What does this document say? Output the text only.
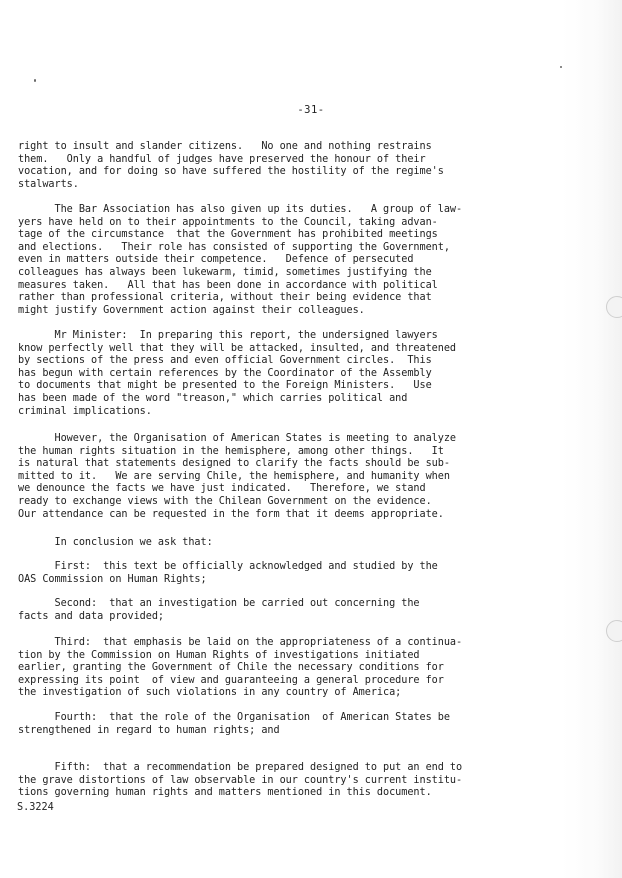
-31-
right to insult and slander citizens.   No one and nothing restrains
them.   Only a handful of judges have preserved the honour of their
vocation, and for doing so have suffered the hostility of the regime's
stalwarts.
The Bar Association has also given up its duties.   A group of law-
yers have held on to their appointments to the Council, taking advan-
tage of the circumstance  that the Government has prohibited meetings
and elections.   Their role has consisted of supporting the Government,
even in matters outside their competence.   Defence of persecuted
colleagues has always been lukewarm, timid, sometimes justifying the
measures taken.   All that has been done in accordance with political
rather than professional criteria, without their being evidence that
might justify Government action against their colleagues.
Mr Minister:  In preparing this report, the undersigned lawyers
know perfectly well that they will be attacked, insulted, and threatened
by sections of the press and even official Government circles.  This
has begun with certain references by the Coordinator of the Assembly
to documents that might be presented to the Foreign Ministers.   Use
has been made of the word "treason," which carries political and
criminal implications.
However, the Organisation of American States is meeting to analyze
the human rights situation in the hemisphere, among other things.   It
is natural that statements designed to clarify the facts should be sub-
mitted to it.   We are serving Chile, the hemisphere, and humanity when
we denounce the facts we have just indicated.   Therefore, we stand
ready to exchange views with the Chilean Government on the evidence.
Our attendance can be requested in the form that it deems appropriate.
In conclusion we ask that:
First:  this text be officially acknowledged and studied by the
OAS Commission on Human Rights;
Second:  that an investigation be carried out concerning the
facts and data provided;
Third:  that emphasis be laid on the appropriateness of a continua-
tion by the Commission on Human Rights of investigations initiated
earlier, granting the Government of Chile the necessary conditions for
expressing its point  of view and guaranteeing a general procedure for
the investigation of such violations in any country of America;
Fourth:  that the role of the Organisation  of American States be
strengthened in regard to human rights; and
Fifth:  that a recommendation be prepared designed to put an end to
the grave distortions of law observable in our country's current institu-
tions governing human rights and matters mentioned in this document.
S.3224
